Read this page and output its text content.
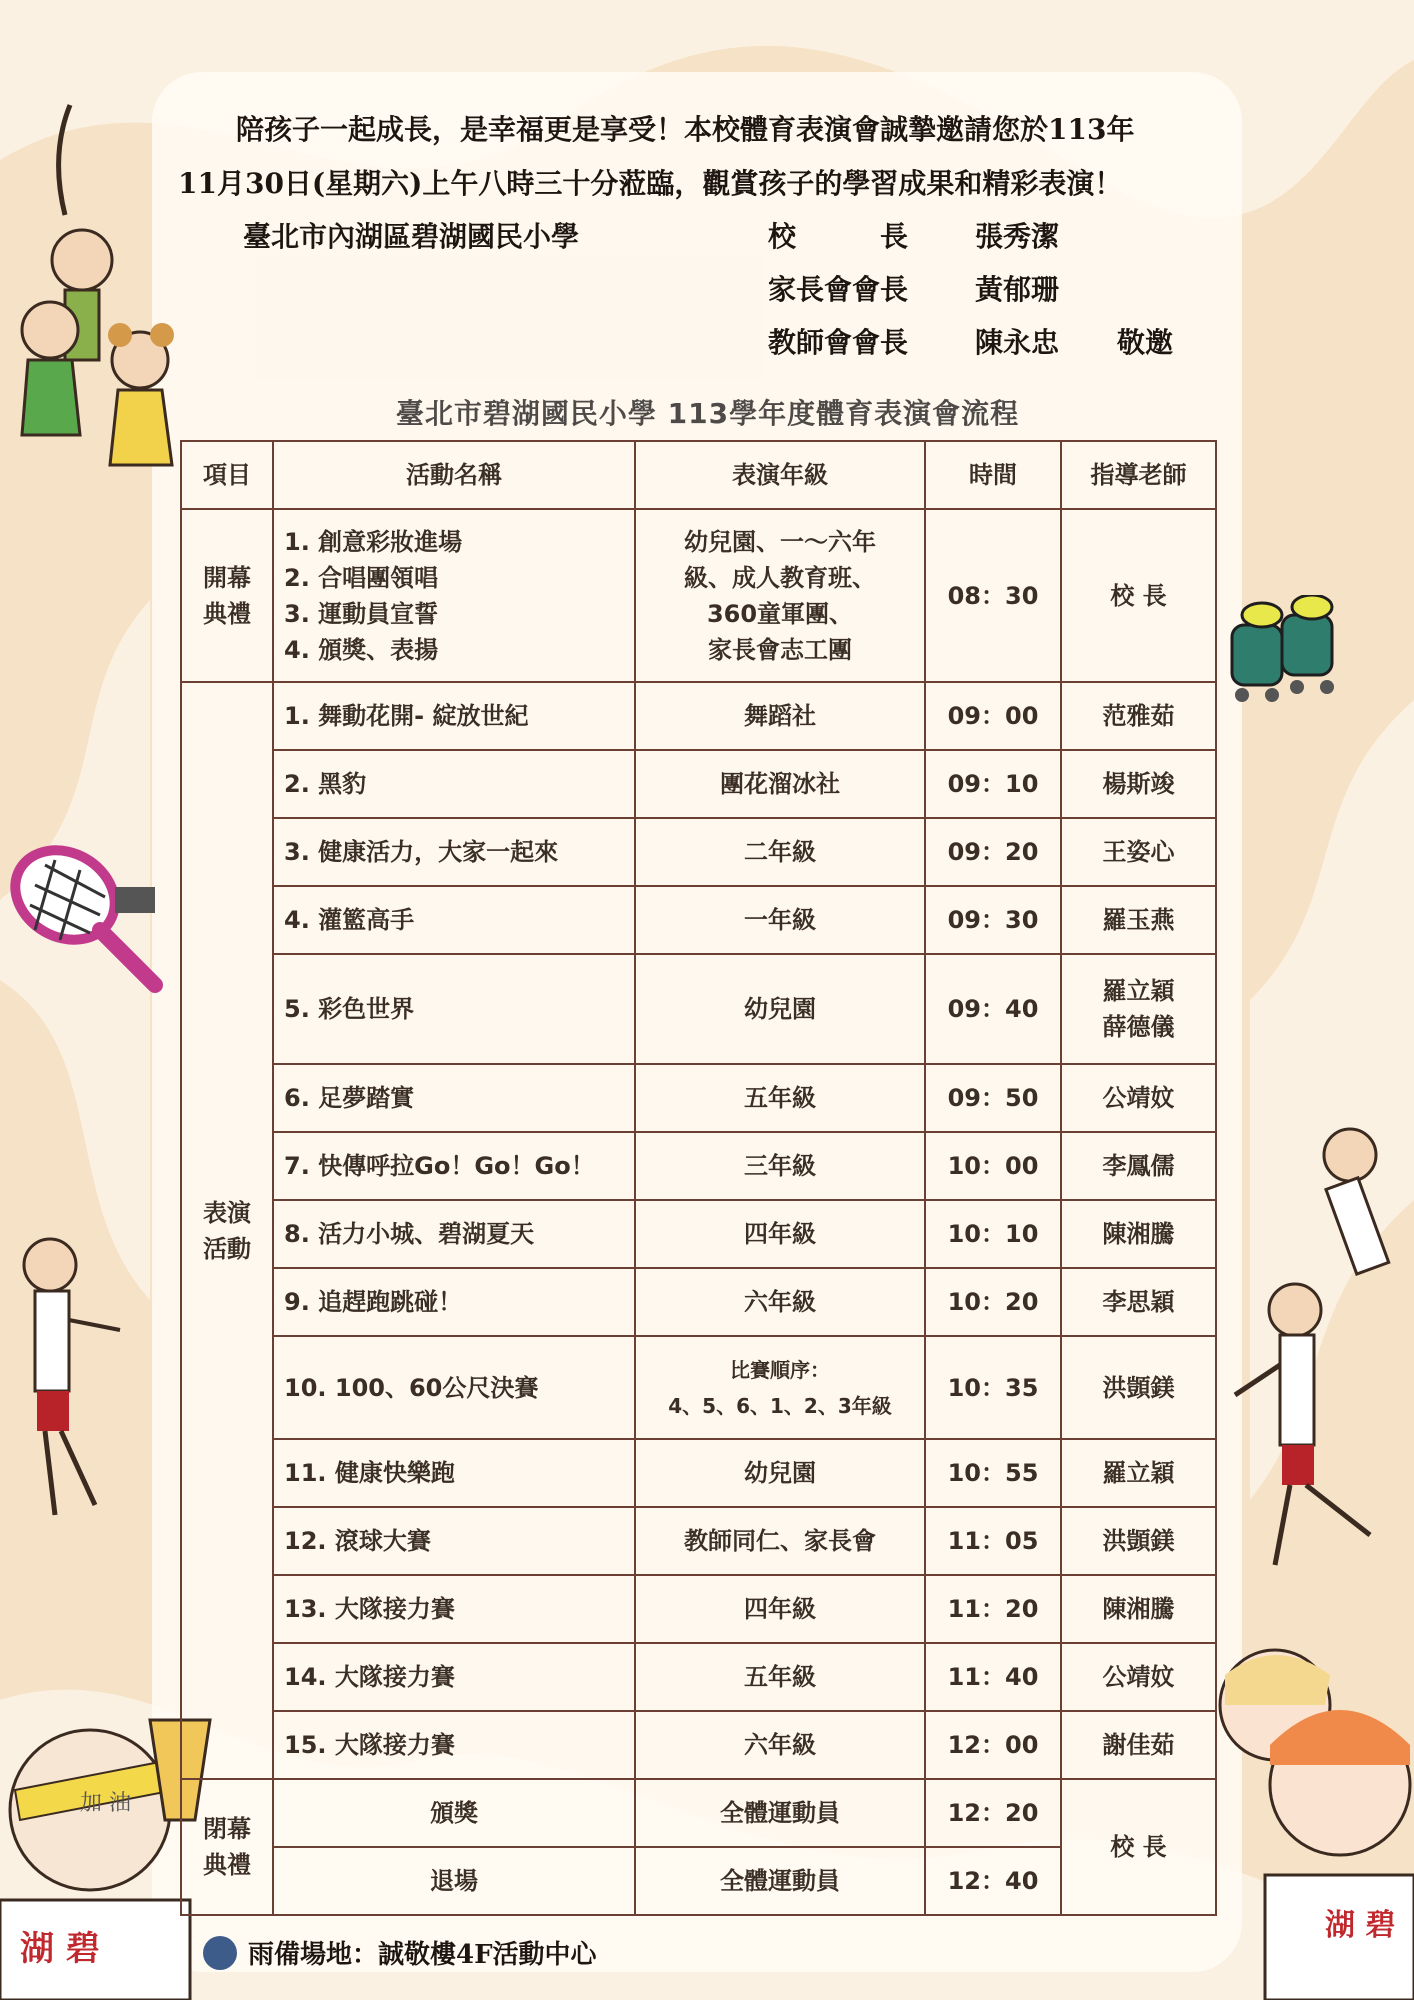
湖 碧
加 油
湖 碧
陪孩子一起成長，是幸福更是享受！本校體育表演會誠摯邀請您於113年
11月30日(星期六)上午八時三十分蒞臨，觀賞孩子的學習成果和精彩表演！
臺北市內湖區碧湖國民小學	校　　　長 張秀潔
家長會會長 黃郁珊
教師會會長 陳永忠 敬邀
臺北市碧湖國民小學 113學年度體育表演會流程
項目	活動名稱	表演年級	時間	指導老師
開幕
典禮	1. 創意彩妝進場
2. 合唱團領唱
3. 運動員宣誓
4. 頒獎、表揚	幼兒園、一～六年
級、成人教育班、
360童軍團、
家長會志工團	08：30	校 長
表演
活動	1. 舞動花開- 綻放世紀	舞蹈社	09：00	范雅茹
	2. 黑豹	團花溜冰社	09：10	楊斯竣
	3. 健康活力，大家一起來	二年級	09：20	王姿心
	4. 灌籃高手	一年級	09：30	羅玉燕
	5. 彩色世界	幼兒園	09：40	羅立穎
薛德儀
	6. 足夢踏實	五年級	09：50	公靖妏
	7. 快傳呼拉Go！Go！Go！	三年級	10：00	李鳳儒
	8. 活力小城、碧湖夏天	四年級	10：10	陳湘騰
	9. 追趕跑跳碰！	六年級	10：20	李思穎
	10. 100、60公尺決賽	比賽順序：
4、5、6、1、2、3年級	10：35	洪顗鎂
	11. 健康快樂跑	幼兒園	10：55	羅立穎
	12. 滾球大賽	教師同仁、家長會	11：05	洪顗鎂
	13. 大隊接力賽	四年級	11：20	陳湘騰
	14. 大隊接力賽	五年級	11：40	公靖妏
	15. 大隊接力賽	六年級	12：00	謝佳茹
閉幕
典禮	頒獎	全體運動員	12：20	校 長
	退場	全體運動員	12：40	
雨備場地：誠敬樓4F活動中心
